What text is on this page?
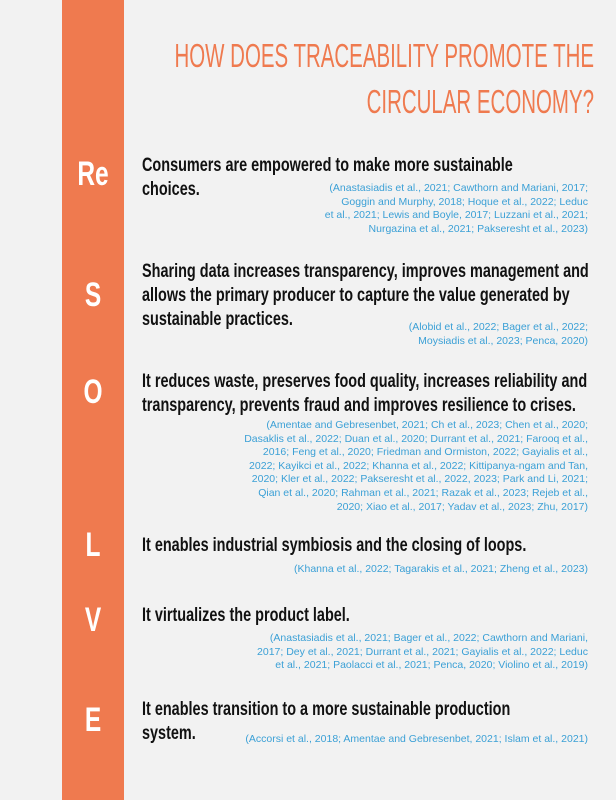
Re
S
O
L
V
E
HOW DOES TRACEABILITY PROMOTE THE
CIRCULAR ECONOMY?
Consumers are empowered to make more sustainable
choices.	(Anastasiadis et al., 2021; Cawthorn and Mariani, 2017;
Goggin and Murphy, 2018; Hoque et al., 2022; Leduc
et al., 2021; Lewis and Boyle, 2017; Luzzani et al., 2021;
Nurgazina et al., 2021; Pakseresht et al., 2023)
Sharing data increases transparency, improves management and
allows the primary producer to capture the value generated by
sustainable practices.	(Alobid et al., 2022; Bager et al., 2022;
Moysiadis et al., 2023; Penca, 2020)
It reduces waste, preserves food quality, increases reliability and
transparency, prevents fraud and improves resilience to crises.
(Amentae and Gebresenbet, 2021; Ch et al., 2023; Chen et al., 2020;
Dasaklis et al., 2022; Duan et al., 2020; Durrant et al., 2021; Farooq et al.,
2016; Feng et al., 2020; Friedman and Ormiston, 2022; Gayialis et al.,
2022; Kayikci et al., 2022; Khanna et al., 2022; Kittipanya-ngam and Tan,
2020; Kler et al., 2022; Pakseresht et al., 2022, 2023; Park and Li, 2021;
Qian et al., 2020; Rahman et al., 2021; Razak et al., 2023; Rejeb et al.,
2020; Xiao et al., 2017; Yadav et al., 2023; Zhu, 2017)
It enables industrial symbiosis and the closing of loops.
(Khanna et al., 2022; Tagarakis et al., 2021; Zheng et al., 2023)
It virtualizes the product label.
(Anastasiadis et al., 2021; Bager et al., 2022; Cawthorn and Mariani,
2017; Dey et al., 2021; Durrant et al., 2021; Gayialis et al., 2022; Leduc
et al., 2021; Paolacci et al., 2021; Penca, 2020; Violino et al., 2019)
It enables transition to a more sustainable production
system.	(Accorsi et al., 2018; Amentae and Gebresenbet, 2021; Islam et al., 2021)
